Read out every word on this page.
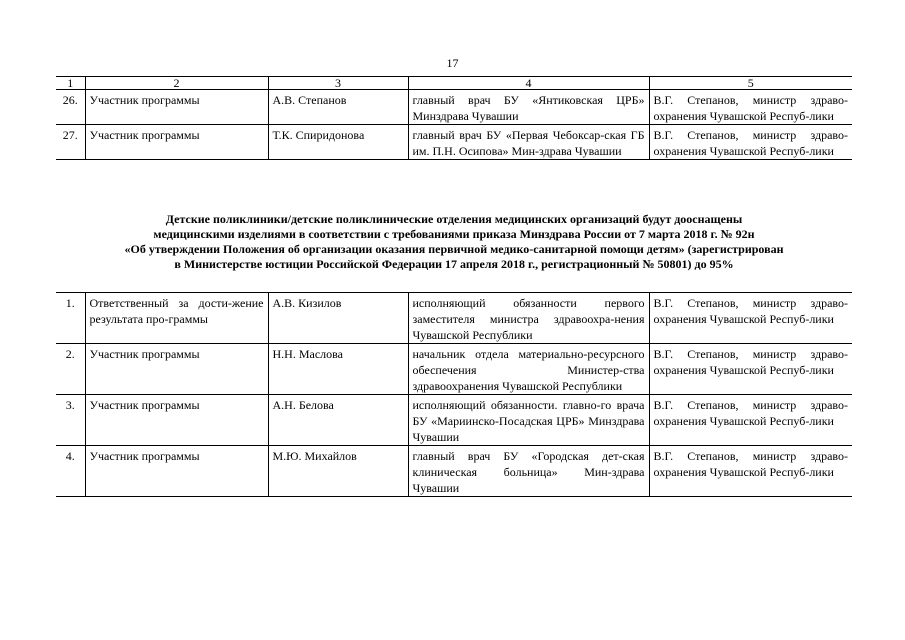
17
1	2	3	4	5
26.	Участник программы	А.В. Степанов	главный врач БУ «Янтиковская ЦРБ» Минздрава Чувашии	В.Г. Степанов, министр здраво-охранения Чувашской Респуб-лики
27.	Участник программы	Т.К. Спиридонова	главный врач БУ «Первая Чебоксар-ская ГБ им. П.Н. Осипова» Мин-здрава Чувашии	В.Г. Степанов, министр здраво-охранения Чувашской Респуб-лики
Детские поликлиники/детские поликлинические отделения медицинских организаций будут дооснащены
медицинскими изделиями в соответствии с требованиями приказа Минздрава России от 7 марта 2018 г. № 92н
«Об утверждении Положения об организации оказания первичной медико-санитарной помощи детям» (зарегистрирован
в Министерстве юстиции Российской Федерации 17 апреля 2018 г., регистрационный № 50801) до 95%
1.	Ответственный за дости-жение результата про-граммы	А.В. Кизилов	исполняющий обязанности первого заместителя министра здравоохра-нения Чувашской Республики	В.Г. Степанов, министр здраво-охранения Чувашской Респуб-лики
2.	Участник программы	Н.Н. Маслова	начальник отдела материально-ресурсного обеспечения Министер-ства здравоохранения Чувашской Республики	В.Г. Степанов, министр здраво-охранения Чувашской Респуб-лики
3.	Участник программы	А.Н. Белова	исполняющий обязанности. главно-го врача БУ «Мариинско-Посадская ЦРБ» Минздрава Чувашии	В.Г. Степанов, министр здраво-охранения Чувашской Респуб-лики
4.	Участник программы	М.Ю. Михайлов	главный врач БУ «Городская дет-ская клиническая больница» Мин-здрава Чувашии	В.Г. Степанов, министр здраво-охранения Чувашской Респуб-лики
